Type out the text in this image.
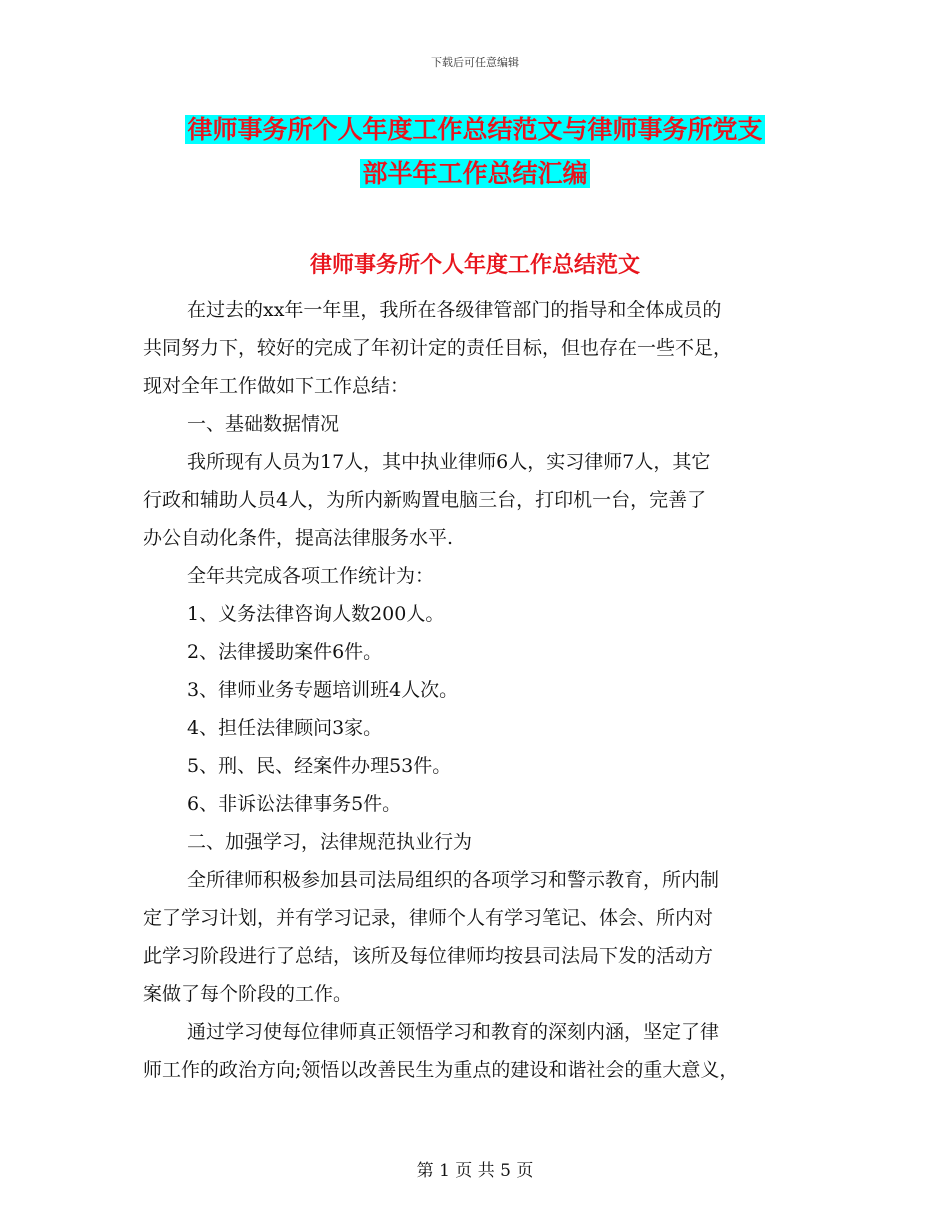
下载后可任意编辑
律师事务所个人年度工作总结范文与律师事务所党支
部半年工作总结汇编
律师事务所个人年度工作总结范文
在过去的xx年一年里，我所在各级律管部门的指导和全体成员的
共同努力下，较好的完成了年初计定的责任目标，但也存在一些不足，
现对全年工作做如下工作总结：
一、基础数据情况
我所现有人员为17人，其中执业律师6人，实习律师7人，其它
行政和辅助人员4人，为所内新购置电脑三台，打印机一台，完善了
办公自动化条件，提高法律服务水平.
全年共完成各项工作统计为：
1、义务法律咨询人数200人。
2、法律援助案件6件。
3、律师业务专题培训班4人次。
4、担任法律顾问3家。
5、刑、民、经案件办理53件。
6、非诉讼法律事务5件。
二、加强学习，法律规范执业行为
全所律师积极参加县司法局组织的各项学习和警示教育，所内制
定了学习计划，并有学习记录，律师个人有学习笔记、体会、所内对
此学习阶段进行了总结，该所及每位律师均按县司法局下发的活动方
案做了每个阶段的工作。
通过学习使每位律师真正领悟学习和教育的深刻内涵，坚定了律
师工作的政治方向;领悟以改善民生为重点的建设和谐社会的重大意义，
第 1 页 共 5 页
